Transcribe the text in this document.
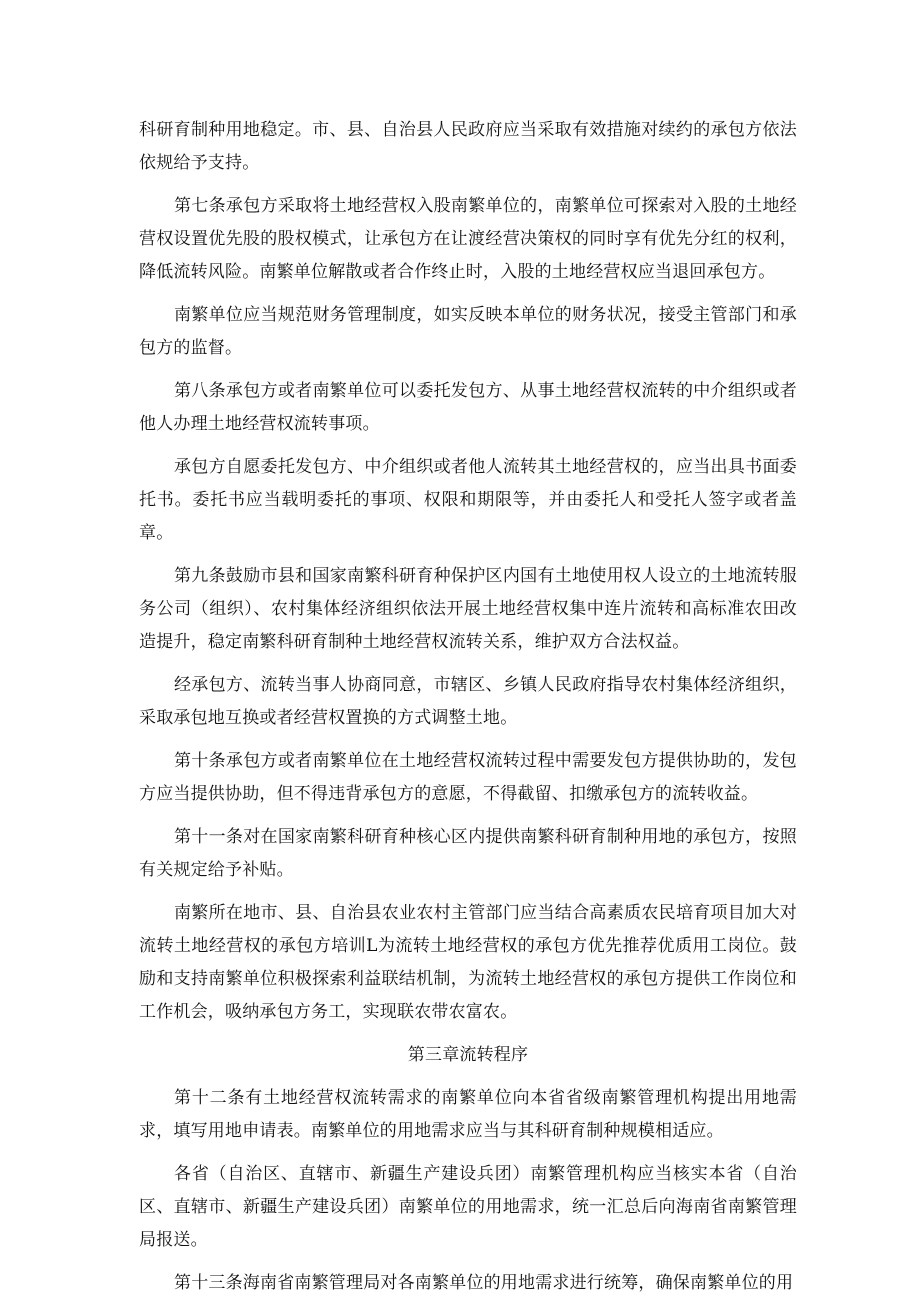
科研育制种用地稳定。市、县、自治县人民政府应当采取有效措施对续约的承包方依法依规给予支持。

第七条承包方采取将土地经营权入股南繁单位的，南繁单位可探索对入股的土地经营权设置优先股的股权模式，让承包方在让渡经营决策权的同时享有优先分红的权利，降低流转风险。南繁单位解散或者合作终止时，入股的土地经营权应当退回承包方。

南繁单位应当规范财务管理制度，如实反映本单位的财务状况，接受主管部门和承包方的监督。

第八条承包方或者南繁单位可以委托发包方、从事土地经营权流转的中介组织或者他人办理土地经营权流转事项。

承包方自愿委托发包方、中介组织或者他人流转其土地经营权的，应当出具书面委托书。委托书应当载明委托的事项、权限和期限等，并由委托人和受托人签字或者盖章。

第九条鼓励市县和国家南繁科研育种保护区内国有土地使用权人设立的土地流转服务公司（组织）、农村集体经济组织依法开展土地经营权集中连片流转和高标准农田改造提升，稳定南繁科研育制种土地经营权流转关系，维护双方合法权益。

经承包方、流转当事人协商同意，市辖区、乡镇人民政府指导农村集体经济组织，采取承包地互换或者经营权置换的方式调整土地。

第十条承包方或者南繁单位在土地经营权流转过程中需要发包方提供协助的，发包方应当提供协助，但不得违背承包方的意愿，不得截留、扣缴承包方的流转收益。

第十一条对在国家南繁科研育种核心区内提供南繁科研育制种用地的承包方，按照有关规定给予补贴。

南繁所在地市、县、自治县农业农村主管部门应当结合高素质农民培育项目加大对流转土地经营权的承包方培训L为流转土地经营权的承包方优先推荐优质用工岗位。鼓励和支持南繁单位积极探索利益联结机制，为流转土地经营权的承包方提供工作岗位和工作机会，吸纳承包方务工，实现联农带农富农。

第三章流转程序

第十二条有土地经营权流转需求的南繁单位向本省省级南繁管理机构提出用地需求，填写用地申请表。南繁单位的用地需求应当与其科研育制种规模相适应。

各省（自治区、直辖市、新疆生产建设兵团）南繁管理机构应当核实本省（自治区、直辖市、新疆生产建设兵团）南繁单位的用地需求，统一汇总后向海南省南繁管理局报送。

第十三条海南省南繁管理局对各南繁单位的用地需求进行统筹，确保南繁单位的用
